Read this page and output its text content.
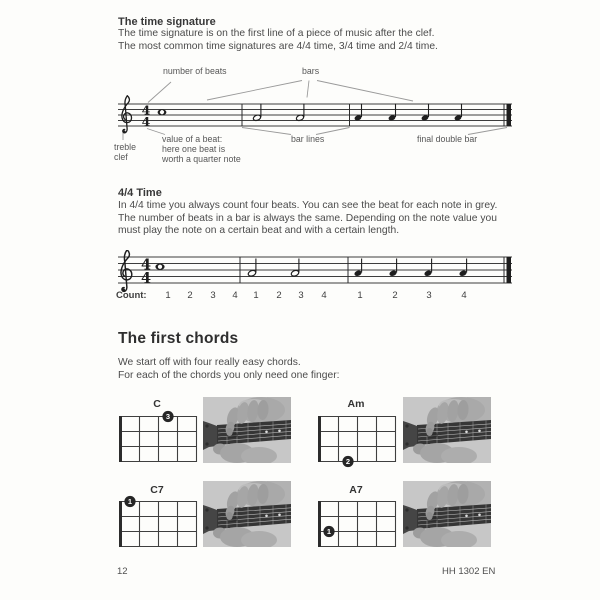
The time signature
The time signature is on the first line of a piece of music after the clef.
The most common time signatures are 4/4 time, 3/4 time and 2/4 time.
number of beats	bars
4
4
treble
clef
value of a beat:
here one beat is
worth a quarter note
bar lines	final double bar
4/4 Time
In 4/4 time you always count four beats. You can see the beat for each note in grey.
The number of beats in a bar is always the same. Depending on the note value you
must play the note on a certain beat and with a certain length.
4
4
Count: 1 2 3 4 1 2 3 4	1	2	3	4
The first chords
We start off with four really easy chords.
For each of the chords you only need one finger:
C
3
Am
2
C7
1
A7
1
12	HH 1302 EN
